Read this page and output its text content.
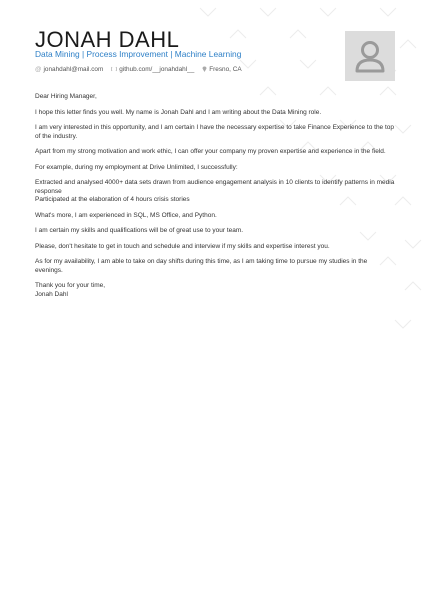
JONAH DAHL
Data Mining | Process Improvement | Machine Learning
@ jonahdahl@mail.com	github.com/__jonahdahl__ Fresno, CA

Dear Hiring Manager,

I hope this letter finds you well. My name is Jonah Dahl and I am writing about the Data Mining role.

I am very interested in this opportunity, and I am certain I have the necessary expertise to take Finance Experience to the top of the industry.

Apart from my strong motivation and work ethic, I can offer your company my proven expertise and experience in the field.

For example, during my employment at Drive Unlimited, I successfully:

Extracted and analysed 4000+ data sets drawn from audience engagement analysis in 10 clients to identify patterns in media response

Participated at the elaboration of 4 hours crisis stories

What's more, I am experienced in SQL, MS Office, and Python.

I am certain my skills and qualifications will be of great use to your team.

Please, don't hesitate to get in touch and schedule and interview if my skills and expertise interest you.

As for my availability, I am able to take on day shifts during this time, as I am taking time to pursue my studies in the evenings.

Thank you for your time,

Jonah Dahl
